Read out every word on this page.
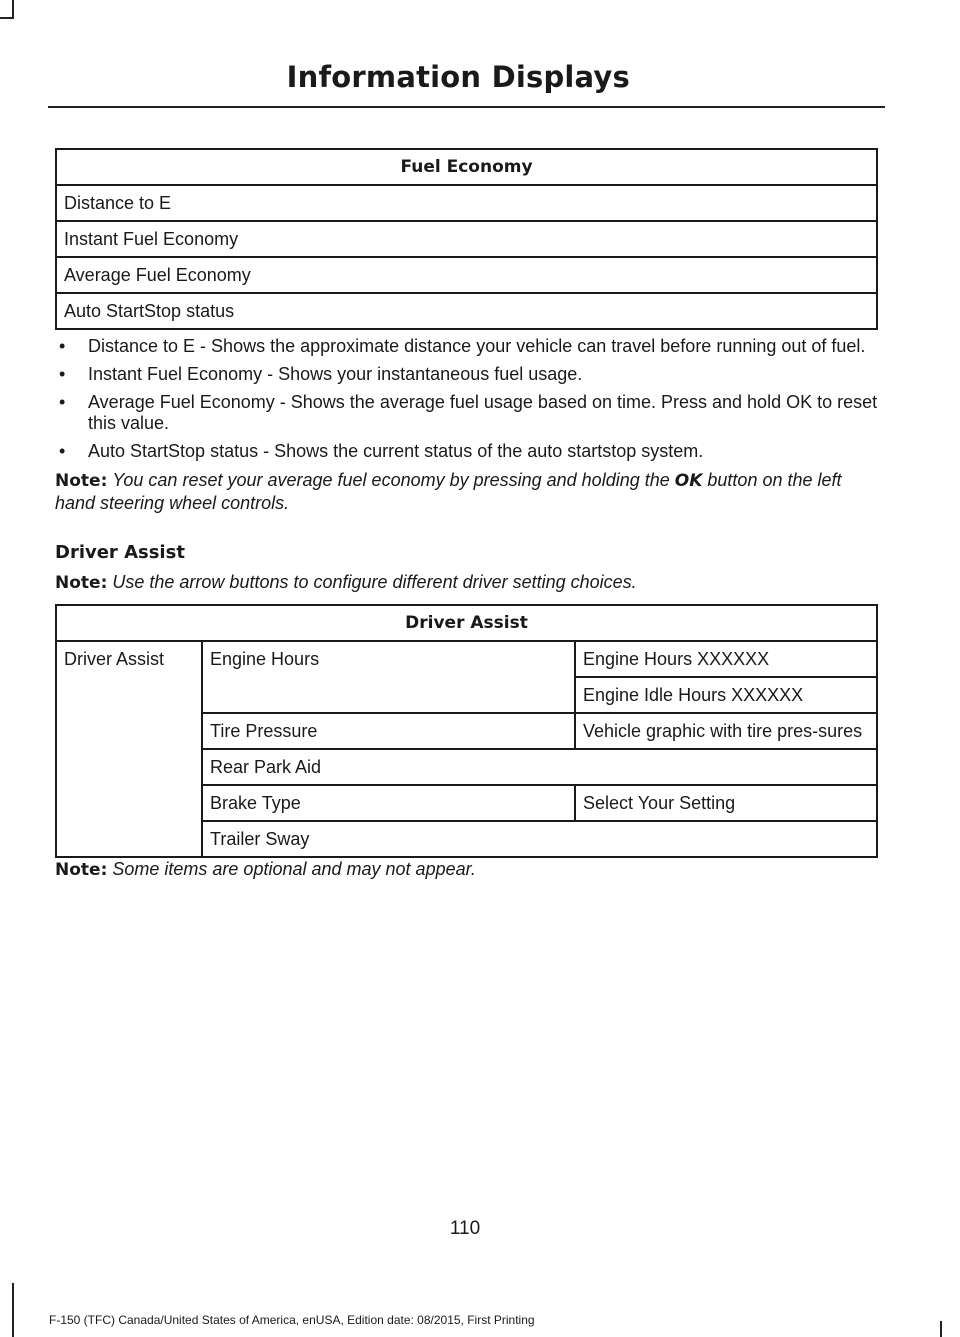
Information Displays
Fuel Economy
Distance to E
Instant Fuel Economy
Average Fuel Economy
Auto StartStop status
• Distance to E - Shows the approximate distance your vehicle can travel before running out of fuel.
• Instant Fuel Economy - Shows your instantaneous fuel usage.
• Average Fuel Economy - Shows the average fuel usage based on time. Press and hold OK to reset this value.
• Auto StartStop status - Shows the current status of the auto startstop system.

Note: You can reset your average fuel economy by pressing and holding the OK button on the left hand steering wheel controls.

Driver Assist

Note: Use the arrow buttons to configure different driver setting choices.

Driver Assist		
Driver Assist	Engine Hours	Engine Hours XXXXXX
		Engine Idle Hours XXXXXX
	Tire Pressure	Vehicle graphic with tire pres-sures
	Rear Park Aid	
	Brake Type	Select Your Setting
	Trailer Sway	

Note: Some items are optional and may not appear.

110
F-150 (TFC) Canada/United States of America, enUSA, Edition date: 08/2015, First Printing
